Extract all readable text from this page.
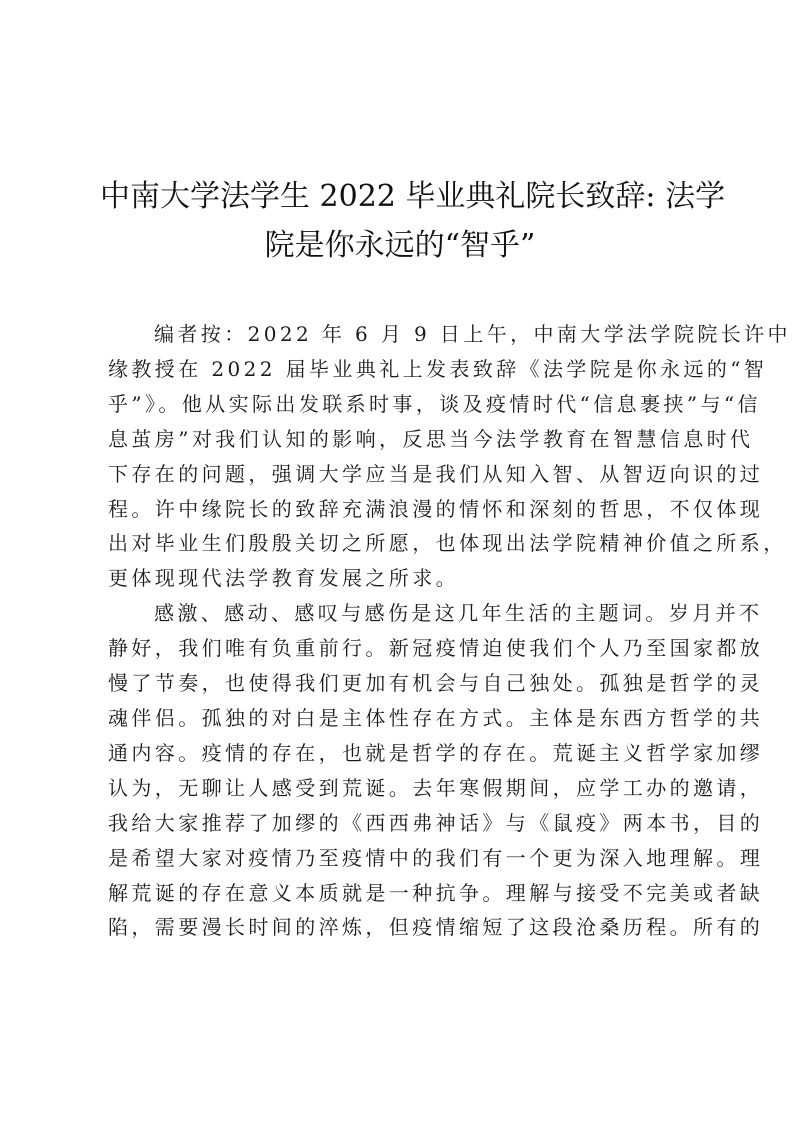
中南大学法学生 2022 毕业典礼院长致辞: 法学
院是你永远的“智乎”

编者按：2022 年 6 月 9 日上午，中南大学法学院院长许中
缘教授在 2022 届毕业典礼上发表致辞《法学院是你永远的“智
乎”》。他从实际出发联系时事，谈及疫情时代“信息裹挟”与“信
息茧房”对我们认知的影响，反思当今法学教育在智慧信息时代
下存在的问题，强调大学应当是我们从知入智、从智迈向识的过
程。许中缘院长的致辞充满浪漫的情怀和深刻的哲思，不仅体现
出对毕业生们殷殷关切之所愿，也体现出法学院精神价值之所系，
更体现现代法学教育发展之所求。

感激、感动、感叹与感伤是这几年生活的主题词。岁月并不
静好，我们唯有负重前行。新冠疫情迫使我们个人乃至国家都放
慢了节奏，也使得我们更加有机会与自己独处。孤独是哲学的灵
魂伴侣。孤独的对白是主体性存在方式。主体是东西方哲学的共
通内容。疫情的存在，也就是哲学的存在。荒诞主义哲学家加缪
认为，无聊让人感受到荒诞。去年寒假期间，应学工办的邀请，
我给大家推荐了加缪的《西西弗神话》与《鼠疫》两本书，目的
是希望大家对疫情乃至疫情中的我们有一个更为深入地理解。理
解荒诞的存在意义本质就是一种抗争。理解与接受不完美或者缺
陷，需要漫长时间的淬炼，但疫情缩短了这段沧桑历程。所有的
